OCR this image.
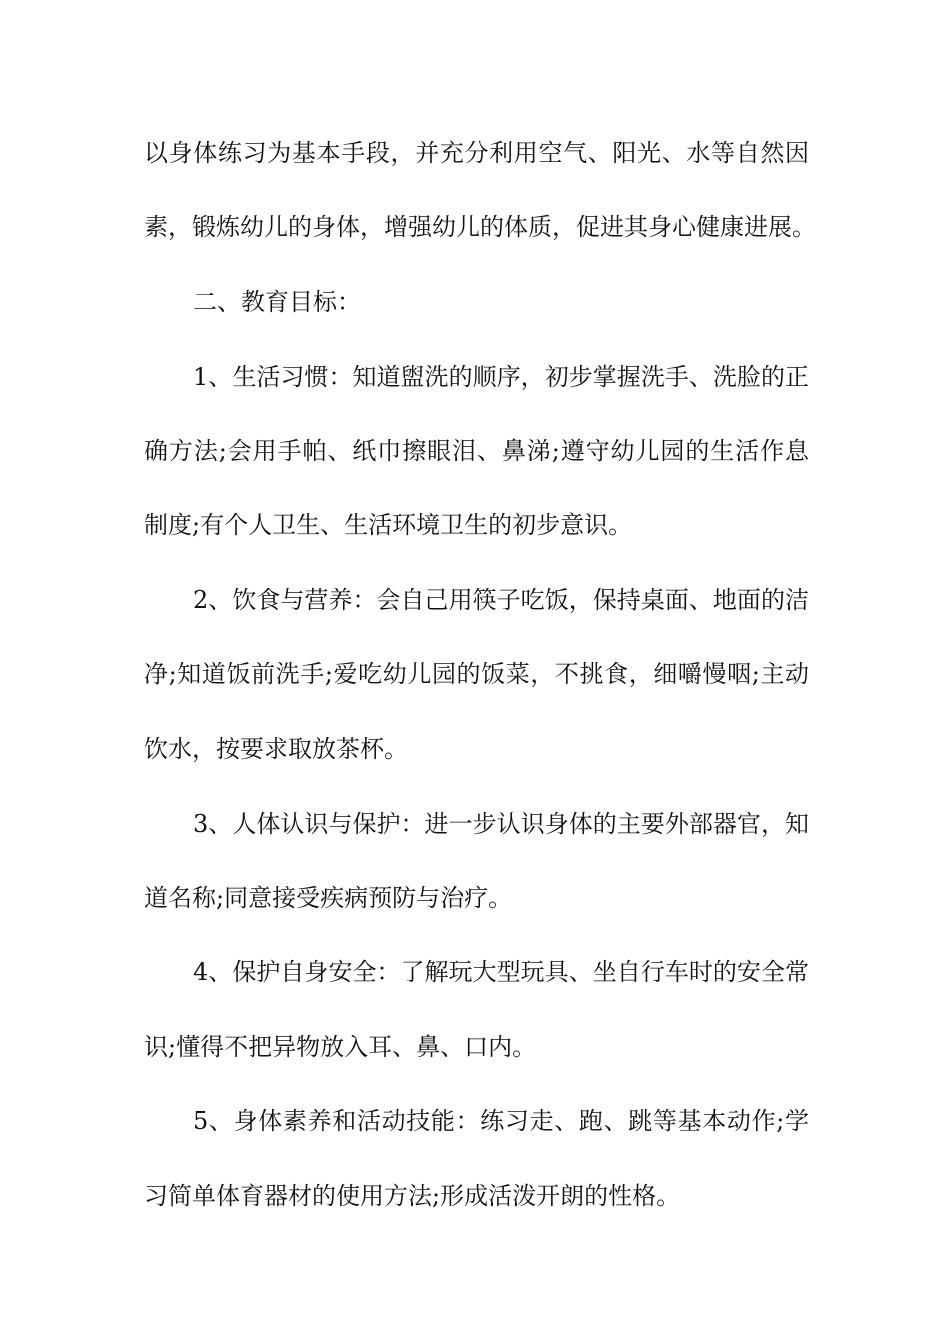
以身体练习为基本手段，并充分利用空气、阳光、水等自然因
素，锻炼幼儿的身体，增强幼儿的体质，促进其身心健康进展。
二、教育目标：
1、生活习惯：知道盥洗的顺序，初步掌握洗手、洗脸的正
确方法;会用手帕、纸巾擦眼泪、鼻涕;遵守幼儿园的生活作息
制度;有个人卫生、生活环境卫生的初步意识。
2、饮食与营养：会自己用筷子吃饭，保持桌面、地面的洁
净;知道饭前洗手;爱吃幼儿园的饭菜，不挑食，细嚼慢咽;主动
饮水，按要求取放茶杯。
3、人体认识与保护：进一步认识身体的主要外部器官，知
道名称;同意接受疾病预防与治疗。
4、保护自身安全：了解玩大型玩具、坐自行车时的安全常
识;懂得不把异物放入耳、鼻、口内。
5、身体素养和活动技能：练习走、跑、跳等基本动作;学
习简单体育器材的使用方法;形成活泼开朗的性格。
